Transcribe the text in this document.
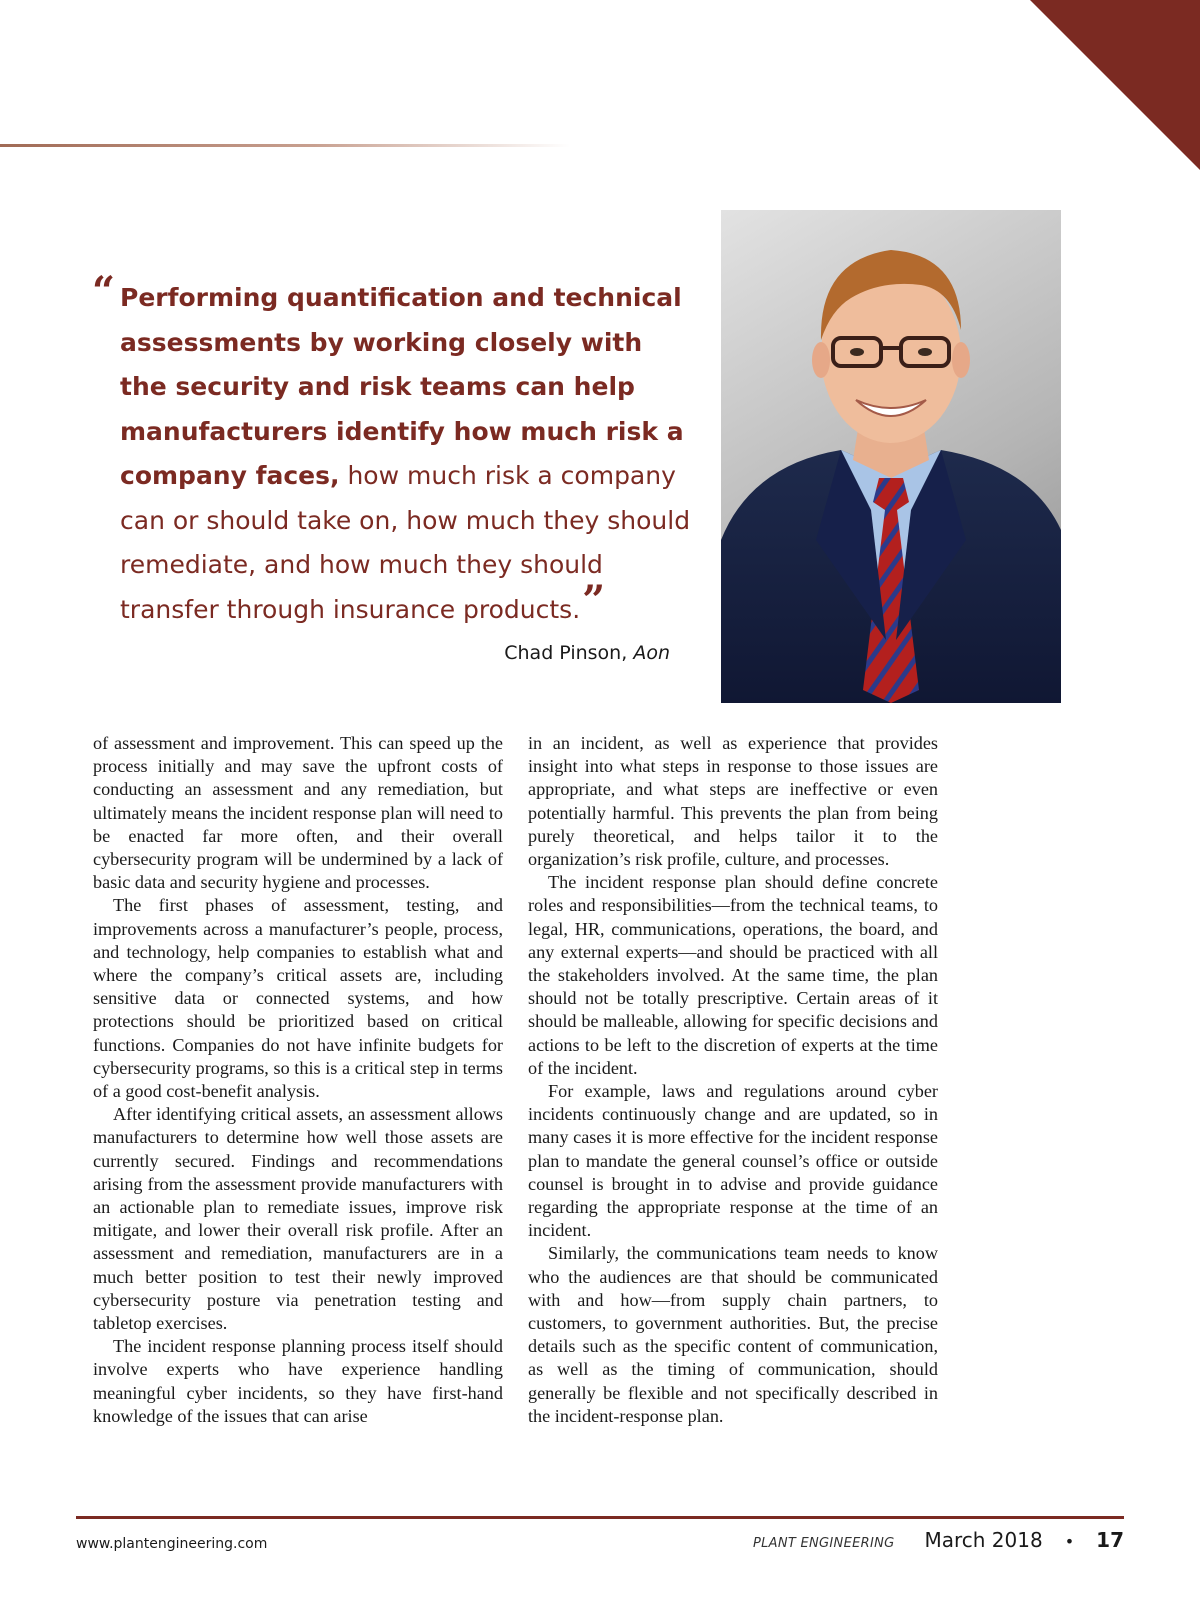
“ Performing quantification and technical assessments by working closely with the security and risk teams can help manufacturers identify how much risk a company faces, how much risk a company can or should take on, how much they should remediate, and how much they should transfer through insurance products.”
Chad Pinson, Aon

of assessment and improvement. This can speed up the process initially and may save the upfront costs of conducting an assessment and any remediation, but ultimately means the incident response plan will need to be enacted far more often, and their overall cybersecurity program will be undermined by a lack of basic data and security hygiene and processes.

The first phases of assessment, testing, and improvements across a manufacturer’s people, process, and technology, help companies to establish what and where the company’s critical assets are, including sensitive data or connected systems, and how protections should be prioritized based on critical functions. Companies do not have infinite budgets for cybersecurity programs, so this is a critical step in terms of a good cost-benefit analysis.

After identifying critical assets, an assessment allows manufacturers to determine how well those assets are currently secured. Findings and recommendations arising from the assessment provide manufacturers with an actionable plan to remediate issues, improve risk mitigate, and lower their overall risk profile. After an assessment and remediation, manufacturers are in a much better position to test their newly improved cybersecurity posture via penetration testing and tabletop exercises.

The incident response planning process itself should involve experts who have experience handling meaningful cyber incidents, so they have first-hand knowledge of the issues that can arise

in an incident, as well as experience that provides insight into what steps in response to those issues are appropriate, and what steps are ineffective or even potentially harmful. This prevents the plan from being purely theoretical, and helps tailor it to the organization’s risk profile, culture, and processes.

The incident response plan should define concrete roles and responsibilities—from the technical teams, to legal, HR, communications, operations, the board, and any external experts—and should be practiced with all the stakeholders involved. At the same time, the plan should not be totally prescriptive. Certain areas of it should be malleable, allowing for specific decisions and actions to be left to the discretion of experts at the time of the incident.

For example, laws and regulations around cyber incidents continuously change and are updated, so in many cases it is more effective for the incident response plan to mandate the general counsel’s office or outside counsel is brought in to advise and provide guidance regarding the appropriate response at the time of an incident.

Similarly, the communications team needs to know who the audiences are that should be communicated with and how—from supply chain partners, to customers, to government authorities. But, the precise details such as the specific content of communication, as well as the timing of communication, should generally be flexible and not specifically described in the incident-response plan.

www.plantengineering.com	PLANT ENGINEERING March 2018 • 17
